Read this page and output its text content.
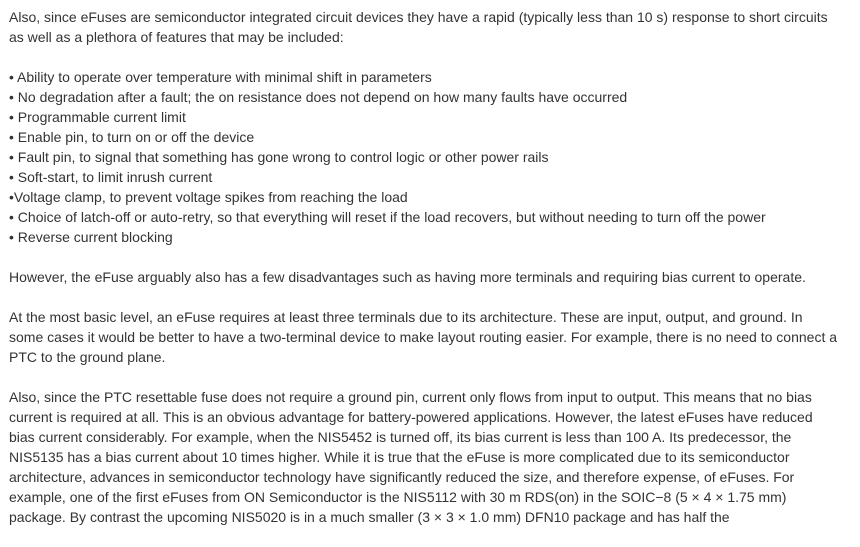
Also, since eFuses are semiconductor integrated circuit devices they have a rapid (typically less than 10 s) response to short circuits as well as a plethora of features that may be included:

• Ability to operate over temperature with minimal shift in parameters
• No degradation after a fault; the on resistance does not depend on how many faults have occurred
• Programmable current limit
• Enable pin, to turn on or off the device
• Fault pin, to signal that something has gone wrong to control logic or other power rails
• Soft-start, to limit inrush current
•Voltage clamp, to prevent voltage spikes from reaching the load
• Choice of latch-off or auto-retry, so that everything will reset if the load recovers, but without needing to turn off the power
• Reverse current blocking

However, the eFuse arguably also has a few disadvantages such as having more terminals and requiring bias current to operate.

At the most basic level, an eFuse requires at least three terminals due to its architecture. These are input, output, and ground. In some cases it would be better to have a two-terminal device to make layout routing easier. For example, there is no need to connect a PTC to the ground plane.

Also, since the PTC resettable fuse does not require a ground pin, current only flows from input to output. This means that no bias current is required at all. This is an obvious advantage for battery-powered applications. However, the latest eFuses have reduced bias current considerably. For example, when the NIS5452 is turned off, its bias current is less than 100 A. Its predecessor, the NIS5135 has a bias current about 10 times higher. While it is true that the eFuse is more complicated due to its semiconductor architecture, advances in semiconductor technology have significantly reduced the size, and therefore expense, of eFuses. For example, one of the first eFuses from ON Semiconductor is the NIS5112 with 30 m RDS(on) in the SOIC−8 (5 × 4 × 1.75 mm) package. By contrast the upcoming NIS5020 is in a much smaller (3 × 3 × 1.0 mm) DFN10 package and has half the
